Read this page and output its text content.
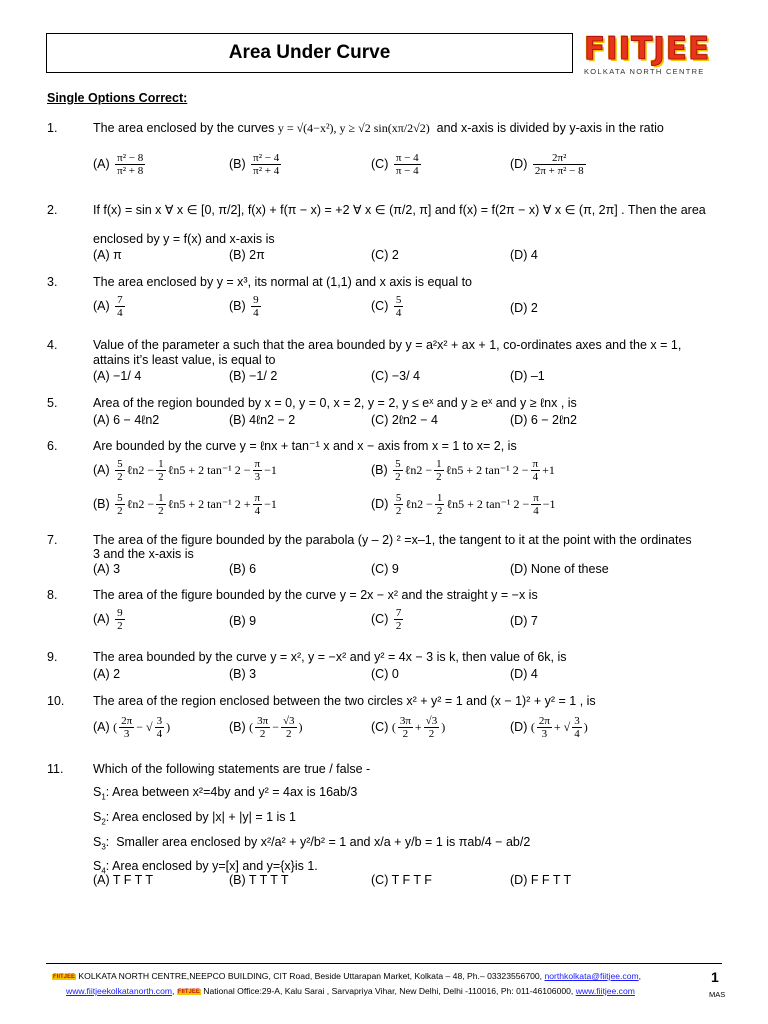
Area Under Curve	FIITJEE
KOLKATA NORTH CENTRE
Single Options Correct:
1.	The area enclosed by the curves y = √(4−x²), y ≥ √2 sin(xπ/2√2)  and x-axis is divided by y-axis in the ratio
$(A) \frac{\text{π² − 8}}{\text{π² + 8}}$	$(B) \frac{\text{π² − 4}}{\text{π² + 4}}$	$(C) \frac{\pi - 4}{\pi - 4}$	$(D) \frac{\text{2π²}}{\text{2π + π² − 8}}$
2.	If f(x) = sin x ∀ x ∈ [0, π/2], f(x) + f(π − x) = +2 ∀ x ∈ (π/2, π] and f(x) = f(2π − x) ∀ x ∈ (π, 2π] . Then the area
enclosed by y = f(x) and x-axis is
(A) π	(B) 2π	(C) 2	(D) 4
3.	The area enclosed by y = x³, its normal at (1,1) and x axis is equal to
$(A) \frac{7}{4}$	$(B) \frac{9}{4}$	$(C) \frac{5}{4}$	(D) 2
4.	Value of the parameter a such that the area bounded by y = a²x² + ax + 1, co-ordinates axes and the x = 1,
attains it’s least value, is equal to
(A) −1/ 4	(B) −1/ 2	(C) −3/ 4	(D) –1
5.	Area of the region bounded by x = 0, y = 0, x = 2, y = 2, y ≤ eˣ and y ≥ eˣ and y ≥ ℓnx , is
(A) 6 − 4ℓn2	(B) 4ℓn2 − 2	(C) 2ℓn2 − 4	(D) 6 − 2ℓn2
6.	Are bounded by the curve y = ℓnx + tan⁻¹ x and x − axis from x = 1 to x= 2, is
$(A) \frac{5}{2}$ ℓn2 − $\frac{1}{2}$ ℓn5 + 2 tan⁻¹ $2 - \frac{\pi}{3} -1$	$(B) \frac{5}{2}$ ℓn2 − $\frac{1}{2}$ ℓn5 + 2 tan⁻¹ $2 - \frac{\pi}{4} +1$
$(B) \frac{5}{2}$ ℓn2 − $\frac{1}{2}$ ℓn5 + 2 tan⁻¹ $2 + \frac{\pi}{4} -1$	$(D) \frac{5}{2}$ ℓn2 − $\frac{1}{2}$ ℓn5 + 2 tan⁻¹ $2 - \frac{\pi}{4} -1$
7.	The area of the figure bounded by the parabola (y – 2) ² =x–1, the tangent to it at the point with the ordinates
3 and the x-axis is
(A) 3	(B) 6	(C) 9	(D) None of these
8.	The area of the figure bounded by the curve y = 2x − x² and the straight y = −x is
$(A) \frac{9}{2}$	(B) 9	$(C) \frac{7}{2}$	(D) 7
9.	The area bounded by the curve y = x², y = −x² and y² = 4x − 3 is k, then value of 6k, is
(A) 2	(B) 3	(C) 0	(D) 4
10. The area of the region enclosed between the two circles x² + y² = 1 and (x − 1)² + y² = 1 , is
(A) ( $\frac{2\pi}{3}$ − √ $\frac{3}{4}$ )	(B) ( $\frac{3\pi}{2} - \frac{√3}{2}$ )	(C) ( $\frac{3\pi}{2} + \frac{√3}{2}$ )	(D) ( $\frac{2\pi}{3}$ + √ $\frac{3}{4}$ )
11. Which of the following statements are true / false -
$S_1$: Area between x²=4by and y² = 4ax is 16ab/3
$S_2$: Area enclosed by |x| + |y| = 1 is 1
$S_3$:  Smaller area enclosed by x²/a² + y²/b² = 1 and x/a + y/b = 1 is πab/4 − ab/2
$S_4$: Area enclosed by y=[x] and y={x}is 1.
(A) T F T T	(B) T T T T	(C) T F T F	(D) F F T T
FIITJEE KOLKATA NORTH CENTRE,NEEPCO BUILDING, CIT Road, Beside Uttarapan Market, Kolkata – 48, Ph.– 03323556700, northkolkata@fiitjee.com,
www.fiitjeekolkatanorth.com, FIITJEE National Office:29-A, Kalu Sarai , Sarvapriya Vihar, New Delhi, Delhi -110016, Ph: 011-46106000, www.fiitjee.com
1
MAS
